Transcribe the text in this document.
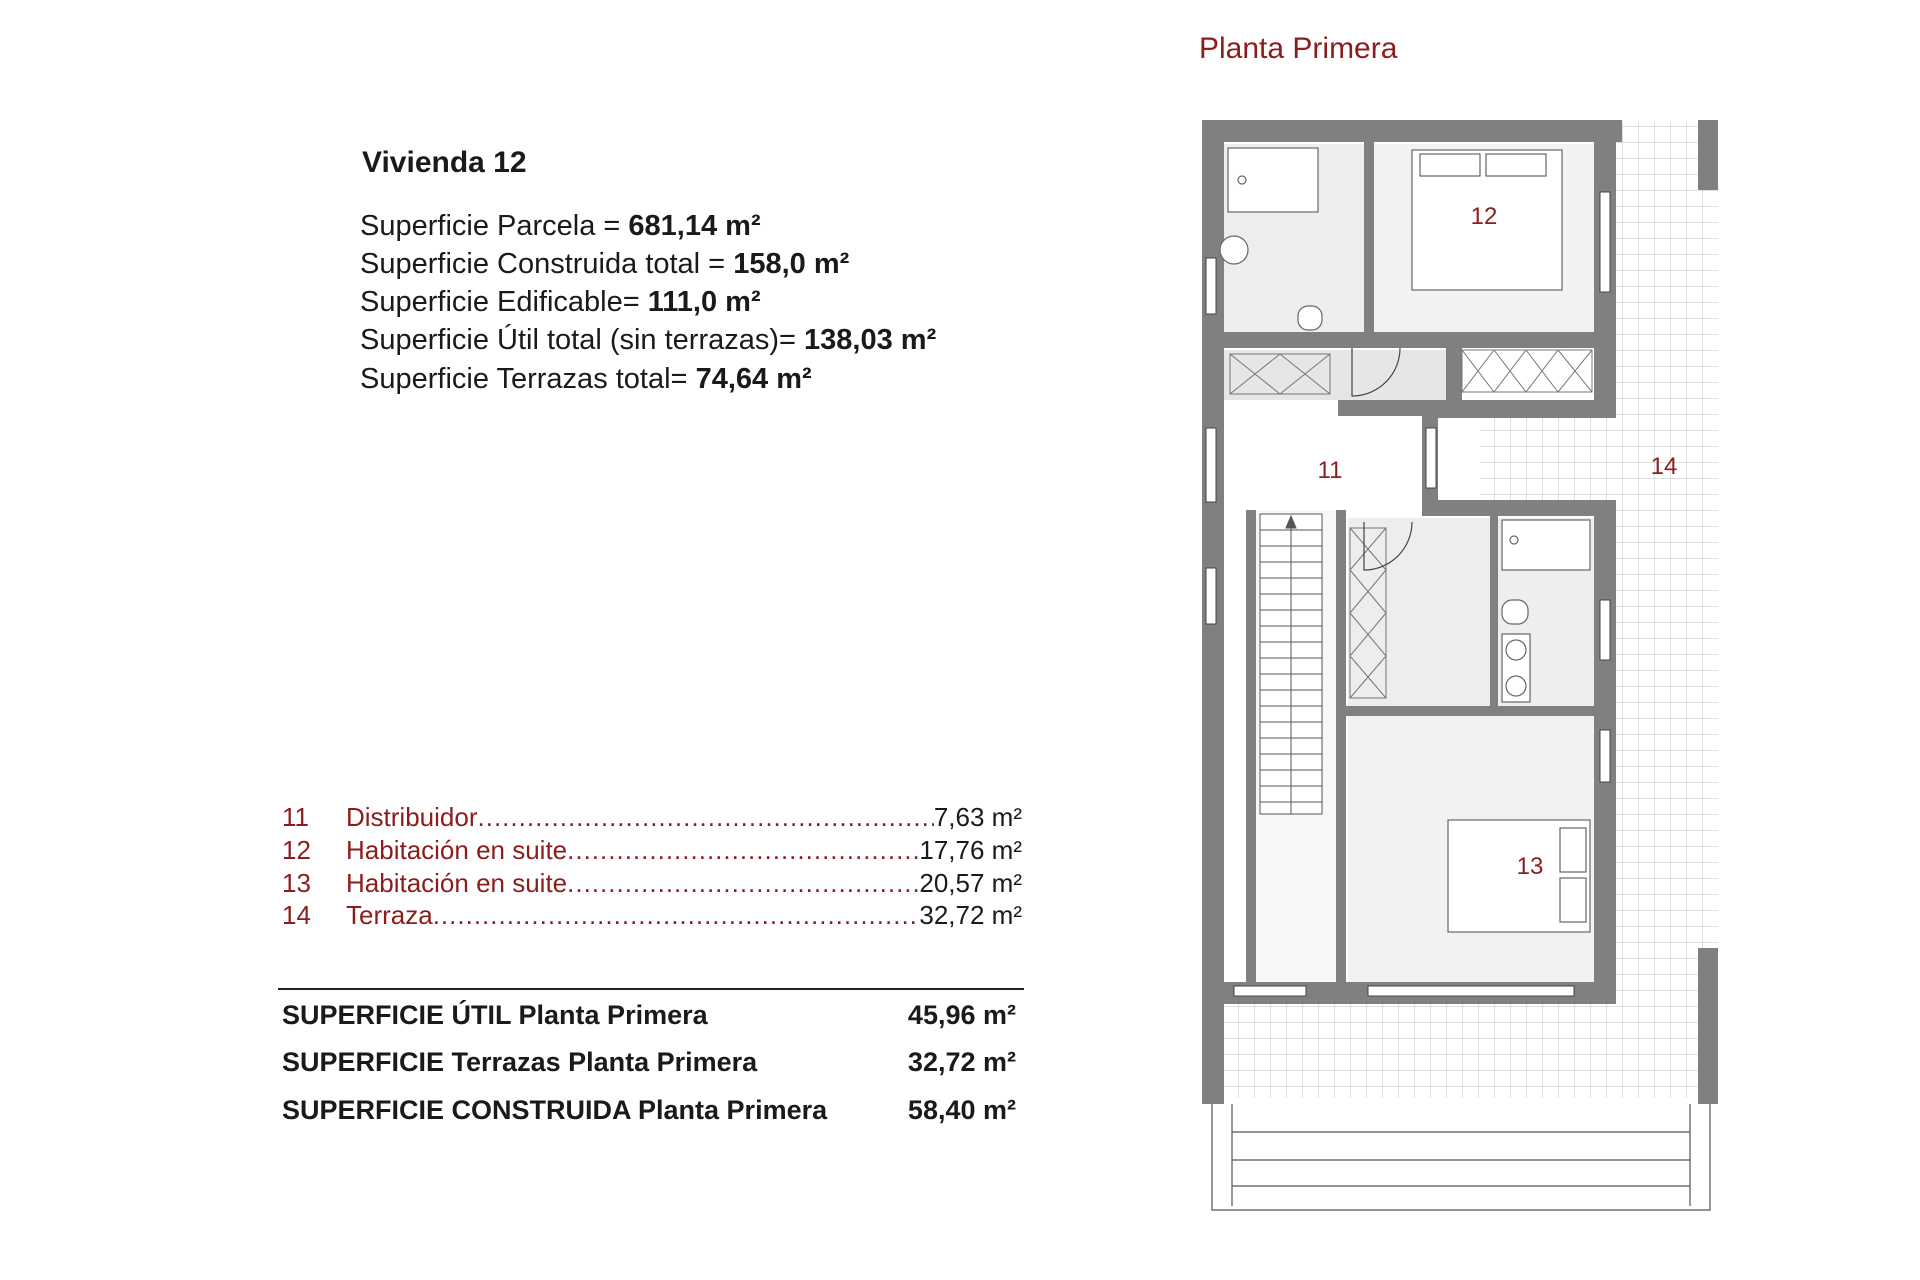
Vivienda 12
Superficie Parcela = 681,14 m²
Superficie Construida total = 158,0 m²
Superficie Edificable= 111,0 m²
Superficie Útil total (sin terrazas)= 138,03 m²
Superficie Terrazas total= 74,64 m²
11	Distribuidor .....	7,63 m²
12	Habitación en suite .....	17,76 m²
13	Habitación en suite .....	20,57 m²
14	Terraza .....	32,72 m²
SUPERFICIE ÚTIL Planta Primera	45,96 m²
SUPERFICIE Terrazas Planta Primera	32,72 m²
SUPERFICIE CONSTRUIDA Planta Primera	58,40 m²
Planta Primera
12
11
13
14
